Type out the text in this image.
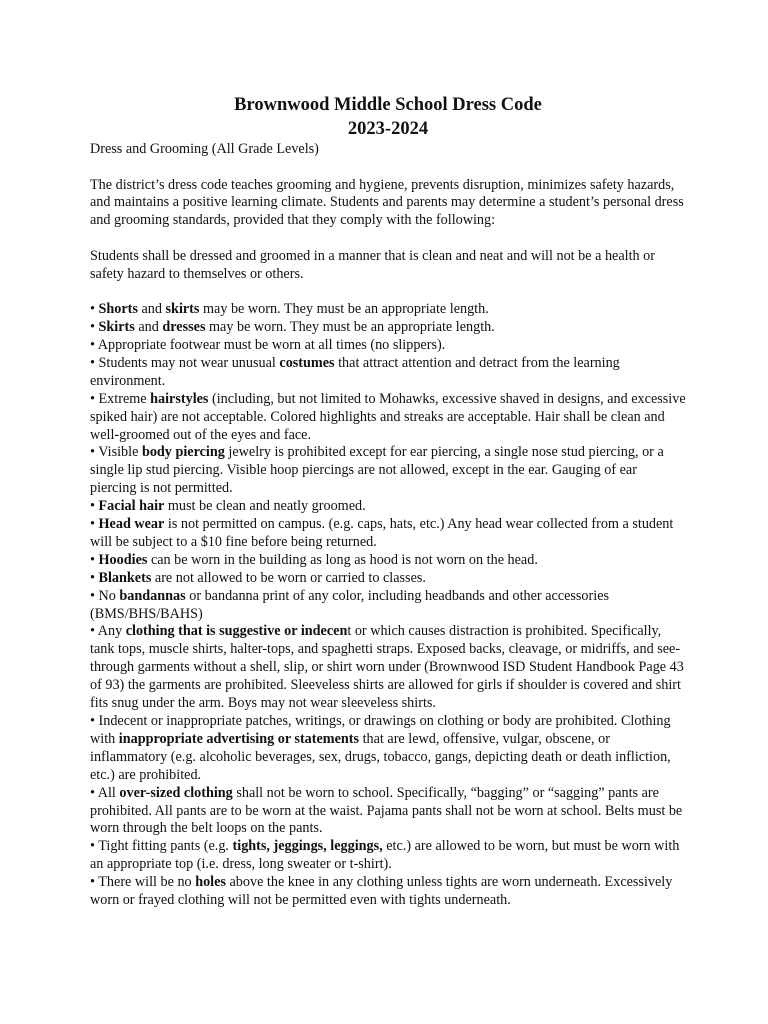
Brownwood Middle School Dress Code

2023-2024

Dress and Grooming (All Grade Levels)

The district’s dress code teaches grooming and hygiene, prevents disruption, minimizes safety hazards, and maintains a positive learning climate. Students and parents may determine a student’s personal dress and grooming standards, provided that they comply with the following:

Students shall be dressed and groomed in a manner that is clean and neat and will not be a health or safety hazard to themselves or others.

• Shorts and skirts may be worn. They must be an appropriate length.

• Skirts and dresses may be worn. They must be an appropriate length.

• Appropriate footwear must be worn at all times (no slippers).

• Students may not wear unusual costumes that attract attention and detract from the learning environment.

• Extreme hairstyles (including, but not limited to Mohawks, excessive shaved in designs, and excessive spiked hair) are not acceptable. Colored highlights and streaks are acceptable. Hair shall be clean and well-groomed out of the eyes and face.

• Visible body piercing jewelry is prohibited except for ear piercing, a single nose stud piercing, or a single lip stud piercing. Visible hoop piercings are not allowed, except in the ear. Gauging of ear piercing is not permitted.

• Facial hair must be clean and neatly groomed.

• Head wear is not permitted on campus. (e.g. caps, hats, etc.) Any head wear collected from a student will be subject to a $10 fine before being returned.

• Hoodies can be worn in the building as long as hood is not worn on the head.

• Blankets are not allowed to be worn or carried to classes.

• No bandannas or bandanna print of any color, including headbands and other accessories (BMS/BHS/BAHS)

• Any clothing that is suggestive or indecent or which causes distraction is prohibited. Specifically, tank tops, muscle shirts, halter-tops, and spaghetti straps. Exposed backs, cleavage, or midriffs, and see-through garments without a shell, slip, or shirt worn under (Brownwood ISD Student Handbook Page 43 of 93) the garments are prohibited. Sleeveless shirts are allowed for girls if shoulder is covered and shirt fits snug under the arm. Boys may not wear sleeveless shirts.

• Indecent or inappropriate patches, writings, or drawings on clothing or body are prohibited. Clothing with inappropriate advertising or statements that are lewd, offensive, vulgar, obscene, or inflammatory (e.g. alcoholic beverages, sex, drugs, tobacco, gangs, depicting death or death infliction, etc.) are prohibited.

• All over-sized clothing shall not be worn to school. Specifically, “bagging” or “sagging” pants are prohibited. All pants are to be worn at the waist. Pajama pants shall not be worn at school. Belts must be worn through the belt loops on the pants.

• Tight fitting pants (e.g. tights, jeggings, leggings, etc.) are allowed to be worn, but must be worn with an appropriate top (i.e. dress, long sweater or t-shirt).

• There will be no holes above the knee in any clothing unless tights are worn underneath. Excessively worn or frayed clothing will not be permitted even with tights underneath.
